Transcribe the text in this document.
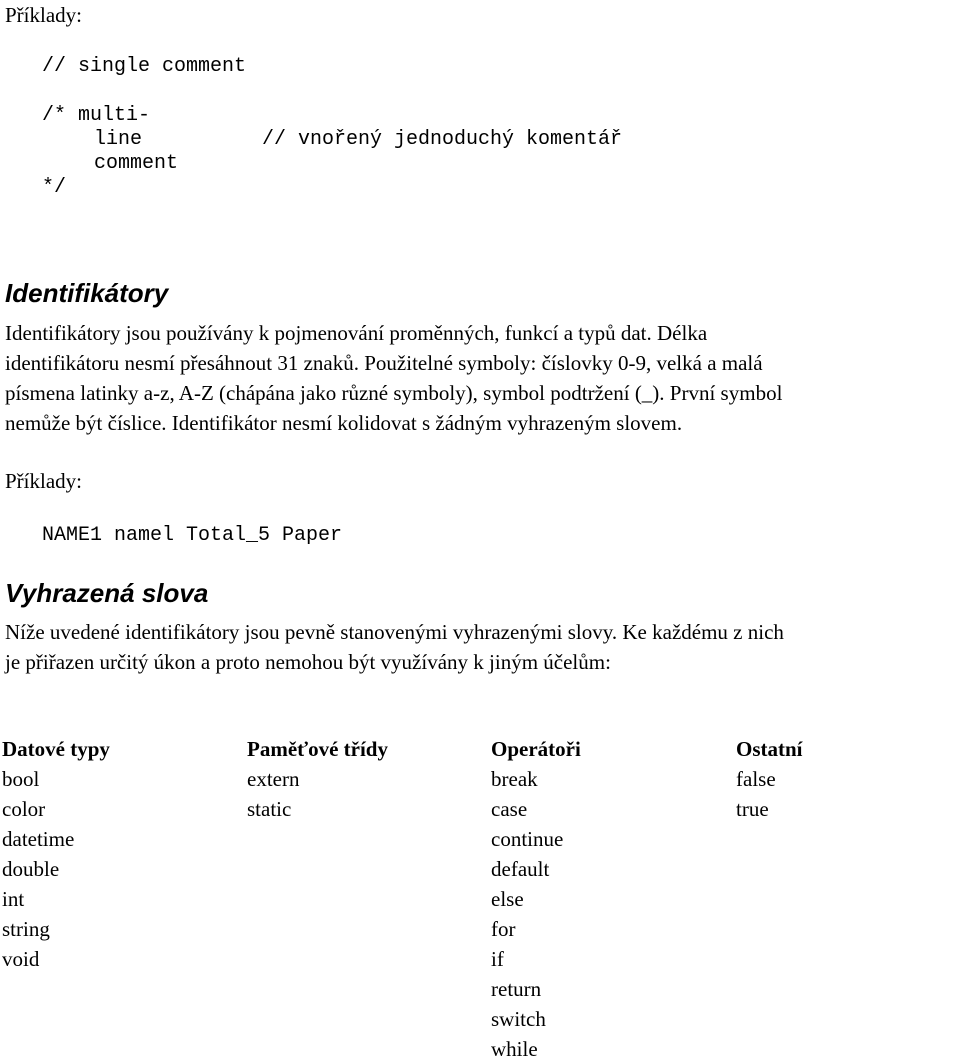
Příklady:
// single comment
/* multi-
line	// vnořený jednoduchý komentář
comment
*/
Identifikátory
Identifikátory jsou používány k pojmenování proměnných, funkcí a typů dat. Délka
identifikátoru nesmí přesáhnout 31 znaků. Použitelné symboly: číslovky 0-9, velká a malá
písmena latinky a-z, A-Z (chápána jako různé symboly), symbol podtržení (_). První symbol
nemůže být číslice. Identifikátor nesmí kolidovat s žádným vyhrazeným slovem.
Příklady:
NAME1 namel Total_5 Paper
Vyhrazená slova
Níže uvedené identifikátory jsou pevně stanovenými vyhrazenými slovy. Ke každému z nich
je přiřazen určitý úkon a proto nemohou být využívány k jiným účelům:
Datové typy
bool
color
datetime
double
int
string
void
Paměťové třídy
extern
static
Operátoři
break
case
continue
default
else
for
if
return
switch
while
Ostatní
false
true
